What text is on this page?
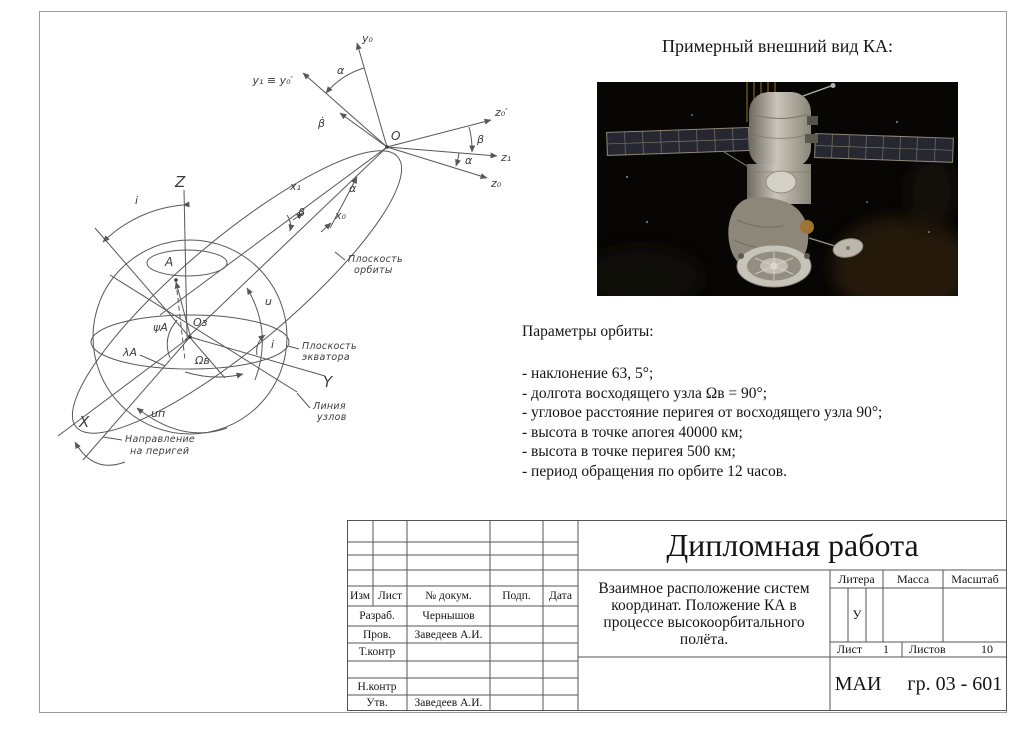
Z
Y
X
A
O
Oз
i
i
u
uп
ψA
λA
Ωв
y₀
y₁ ≡ y₀′
z₀′
z₁
z₀
x₁
x₀
α
α
α̇
β̇
β
β
Плоскость
орбиты
Плоскость
экватора
Линия
узлов
Направление
на перигей
Примерный внешний вид КА:
Параметры орбиты:
- наклонение 63, 5°;
- долгота восходящего узла Ωв = 90°;
- угловое расстояние перигея от восходящего узла 90°;
- высота в точке апогея 40000 км;
- высота в точке перигея 500 км;
- период обращения по орбите 12 часов.
Изм Лист	№ докум.	Подп.	Дата
Разраб.	Чернышов
Пров.	Заведеев А.И.
Т.контр
Н.контр
Утв.	Заведеев А.И.
Дипломная работа
Взаимное расположение систем
координат. Положение КА в
процессе высокоорбитального
полёта.
Литера	Масса	Масштаб
У
Лист	1	Листов	10
МАИ гр. 03 - 601
